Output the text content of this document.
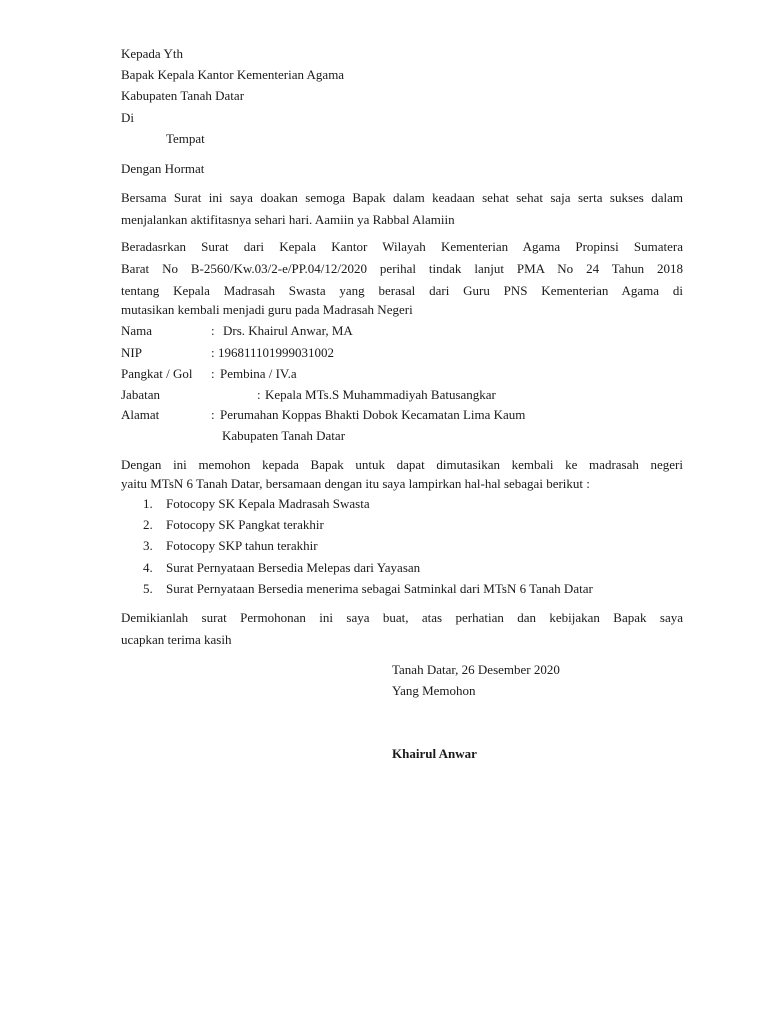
Kepada Yth
Bapak Kepala Kantor Kementerian Agama
Kabupaten Tanah Datar
Di
Tempat
Dengan Hormat
Bersama Surat ini saya doakan semoga Bapak dalam keadaan sehat sehat saja serta sukses dalam menjalankan aktifitasnya sehari hari. Aamiin ya Rabbal Alamiin
Beradasrkan Surat dari Kepala Kantor Wilayah Kementerian Agama Propinsi Sumatera
Barat No B-2560/Kw.03/2-e/PP.04/12/2020 perihal tindak lanjut PMA No 24 Tahun 2018
tentang Kepala Madrasah Swasta yang berasal dari Guru PNS Kementerian Agama di
mutasikan kembali menjadi guru pada Madrasah Negeri
Nama	: Drs. Khairul Anwar, MA
NIP	: 196811101999031002
Pangkat / Gol : Pembina / IV.a
Jabatan	: Kepala MTs.S Muhammadiyah Batusangkar
Alamat	: Perumahan Koppas Bhakti Dobok Kecamatan Lima Kaum
Kabupaten Tanah Datar
Dengan ini memohon kepada Bapak untuk dapat dimutasikan kembali ke madrasah negeri
yaitu MTsN 6 Tanah Datar, bersamaan dengan itu saya lampirkan hal-hal sebagai berikut :
1. Fotocopy SK Kepala Madrasah Swasta
2. Fotocopy SK Pangkat terakhir
3. Fotocopy SKP tahun terakhir
4. Surat Pernyataan Bersedia Melepas dari Yayasan
5. Surat Pernyataan Bersedia menerima sebagai Satminkal dari MTsN 6 Tanah Datar
Demikianlah surat Permohonan ini saya buat, atas perhatian dan kebijakan Bapak saya
ucapkan terima kasih
Tanah Datar, 26 Desember 2020
Yang Memohon
Khairul Anwar
